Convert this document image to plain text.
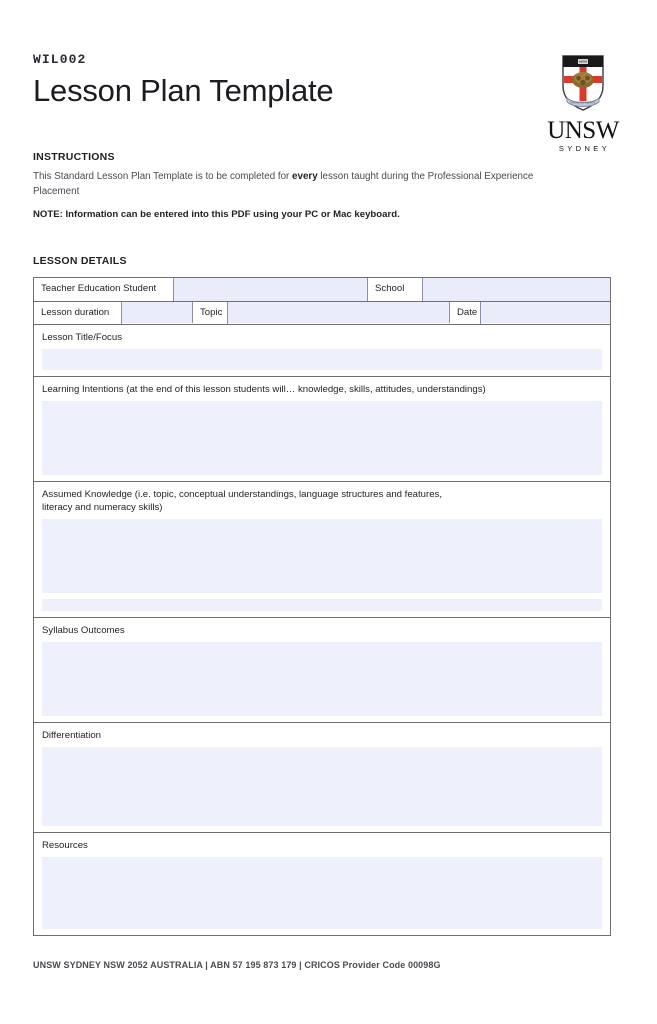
WIL002
Lesson Plan Template	MANU ET MENTE
UNSW
SYDNEY
INSTRUCTIONS
This Standard Lesson Plan Template is to be completed for every lesson taught during the Professional Experience Placement
NOTE: Information can be entered into this PDF using your PC or Mac keyboard.
LESSON DETAILS
Teacher Education Student	School
Lesson duration	Topic	Date
Lesson Title/Focus
Learning Intentions (at the end of this lesson students will… knowledge, skills, attitudes, understandings)
Assumed Knowledge (i.e. topic, conceptual understandings, language structures and features,
literacy and numeracy skills)
Syllabus Outcomes
Differentiation
Resources
UNSW SYDNEY NSW 2052 AUSTRALIA | ABN 57 195 873 179 | CRICOS Provider Code 00098G
